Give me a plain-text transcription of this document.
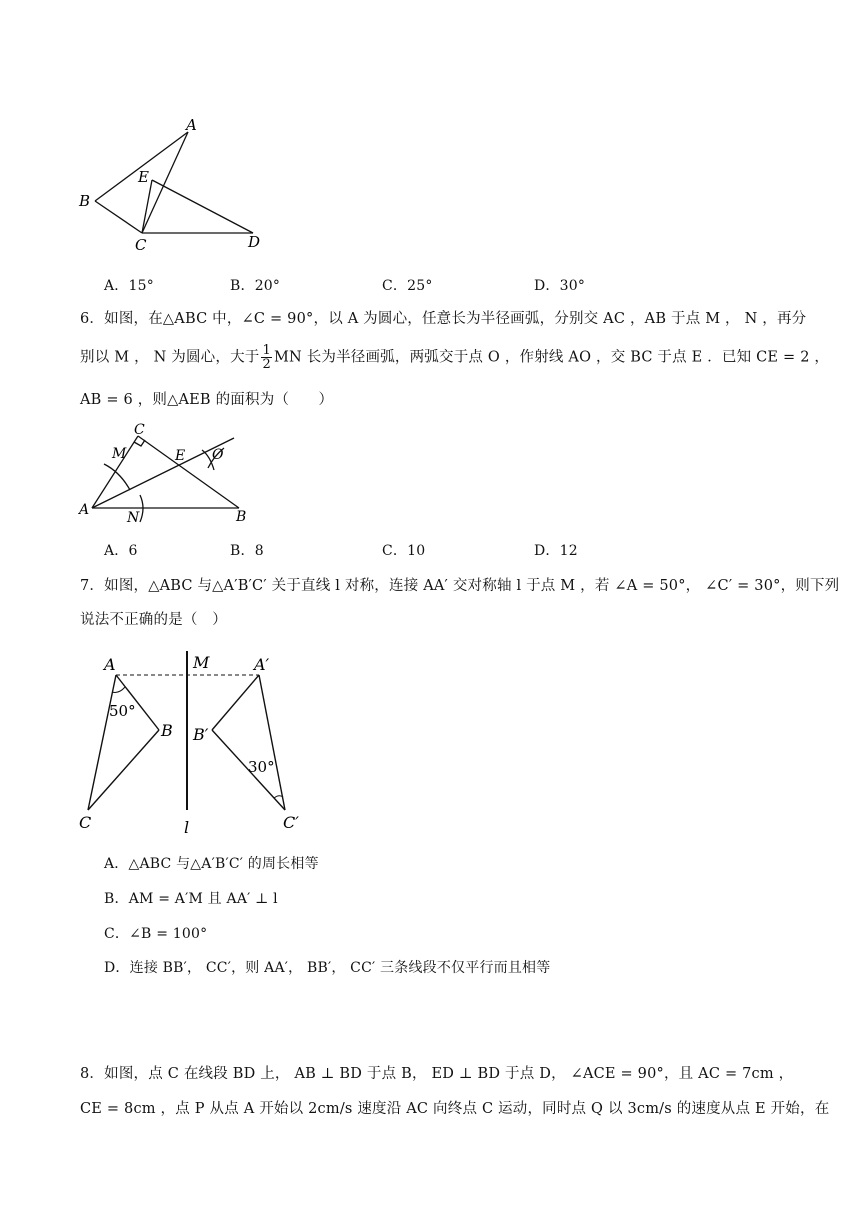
A
B
E
C	D
A．15°	B．20°	C．25°	D．30°
6．如图，在△ABC 中，∠C = 90°，以 A 为圆心，任意长为半径画弧，分别交 AC ，AB 于点 M ， N ，再分
别以 M ， N 为圆心，大于 $\frac{1}{2}$ MN 长为半径画弧，两弧交于点 O ，作射线 AO ，交 BC 于点 E ．已知 CE = 2 ，
AB = 6 ，则△AEB 的面积为（　　）
C
M	E O
A	N	B
A．6	B．8	C．10	D．12
7．如图，△ABC 与△A′B′C′ 关于直线 l 对称，连接 AA′ 交对称轴 l 于点 M ，若 ∠A = 50°， ∠C′ = 30°，则下列
说法不正确的是（　）
A	M	A′
50°
B B′
30°
C	l	C′
A．△ABC 与△A′B′C′ 的周长相等
B．AM = A′M 且 AA′ ⊥ l
C．∠B = 100°
D．连接 BB′， CC′，则 AA′， BB′， CC′ 三条线段不仅平行而且相等
8．如图，点 C 在线段 BD 上， AB ⊥ BD 于点 B， ED ⊥ BD 于点 D， ∠ACE = 90°，且 AC = 7cm ，
CE = 8cm ，点 P 从点 A 开始以 2cm/s 速度沿 AC 向终点 C 运动，同时点 Q 以 3cm/s 的速度从点 E 开始，在
